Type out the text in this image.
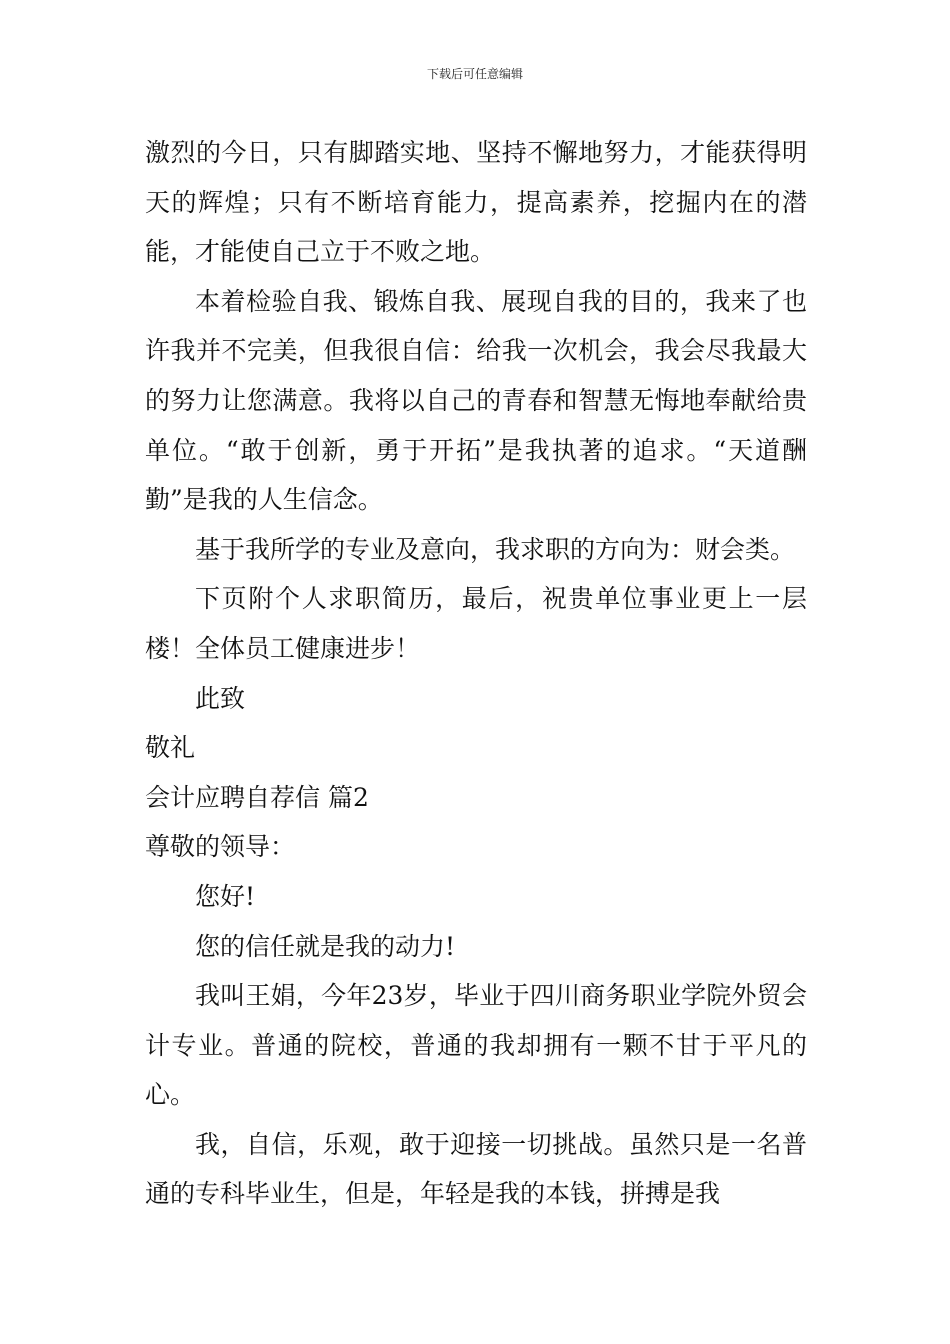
下载后可任意编辑

激烈的今日，只有脚踏实地、坚持不懈地努力，才能获得明天的辉煌；只有不断培育能力，提高素养，挖掘内在的潜能，才能使自己立于不败之地。

本着检验自我、锻炼自我、展现自我的目的，我来了也许我并不完美，但我很自信：给我一次机会，我会尽我最大的努力让您满意。我将以自己的青春和智慧无悔地奉献给贵单位。“敢于创新，勇于开拓”是我执著的追求。“天道酬勤”是我的人生信念。

基于我所学的专业及意向，我求职的方向为：财会类。

下页附个人求职简历，最后，祝贵单位事业更上一层楼！全体员工健康进步！

此致

敬礼

会计应聘自荐信 篇2

尊敬的领导：

您好!

您的信任就是我的动力!

我叫王娟，今年23岁，毕业于四川商务职业学院外贸会计专业。普通的院校，普通的我却拥有一颗不甘于平凡的心。

我，自信，乐观，敢于迎接一切挑战。虽然只是一名普通的专科毕业生，但是，年轻是我的本钱，拼搏是我
